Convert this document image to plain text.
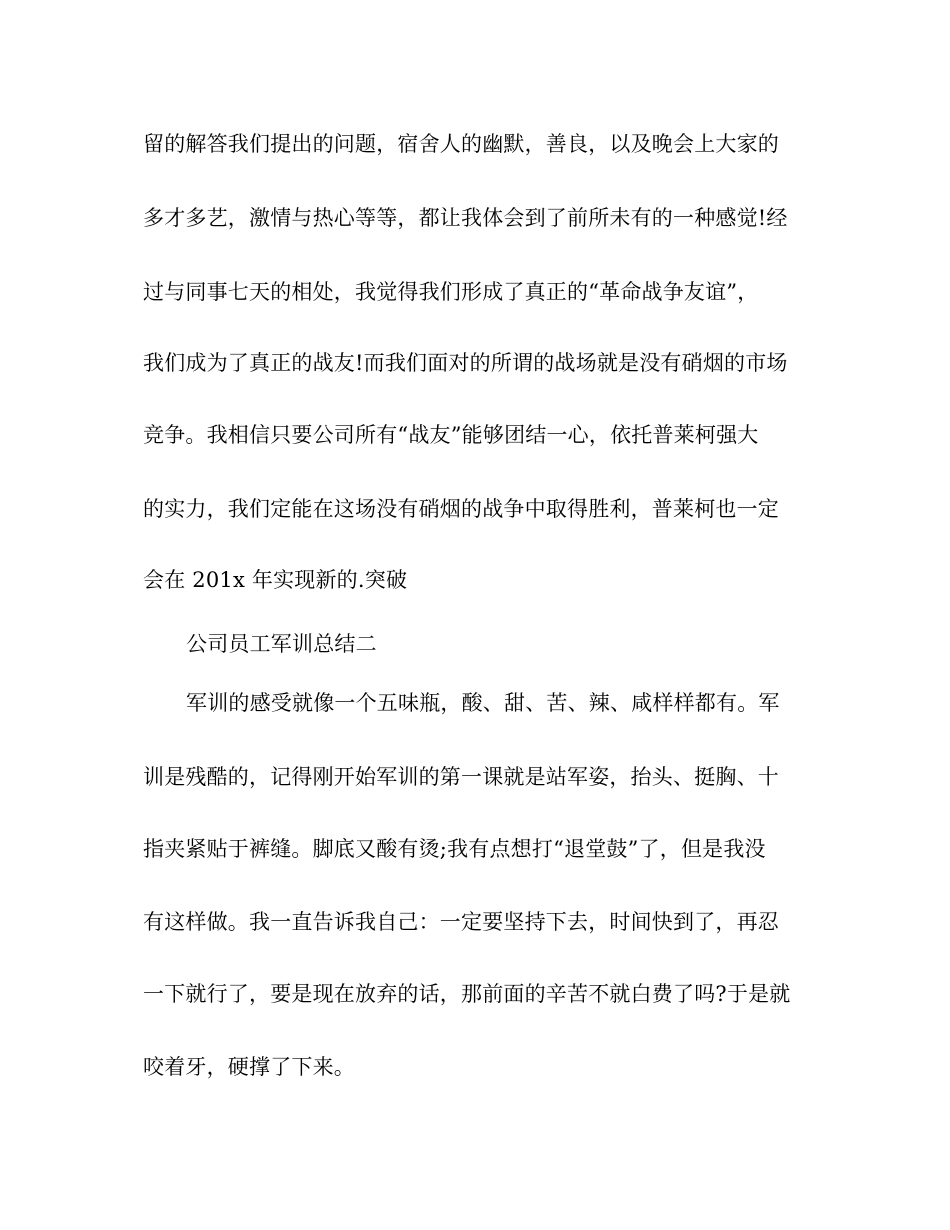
留的解答我们提出的问题，宿舍人的幽默，善良，以及晚会上大家的
多才多艺，激情与热心等等，都让我体会到了前所未有的一种感觉!经
过与同事七天的相处，我觉得我们形成了真正的“革命战争友谊”，
我们成为了真正的战友!而我们面对的所谓的战场就是没有硝烟的市场
竞争。我相信只要公司所有“战友”能够团结一心，依托普莱柯强大
的实力，我们定能在这场没有硝烟的战争中取得胜利，普莱柯也一定
会在 201x 年实现新的.突破
公司员工军训总结二
军训的感受就像一个五味瓶，酸、甜、苦、辣、咸样样都有。军
训是残酷的，记得刚开始军训的第一课就是站军姿，抬头、挺胸、十
指夹紧贴于裤缝。脚底又酸有烫;我有点想打“退堂鼓”了，但是我没
有这样做。我一直告诉我自己：一定要坚持下去，时间快到了，再忍
一下就行了，要是现在放弃的话，那前面的辛苦不就白费了吗?于是就
咬着牙，硬撑了下来。
